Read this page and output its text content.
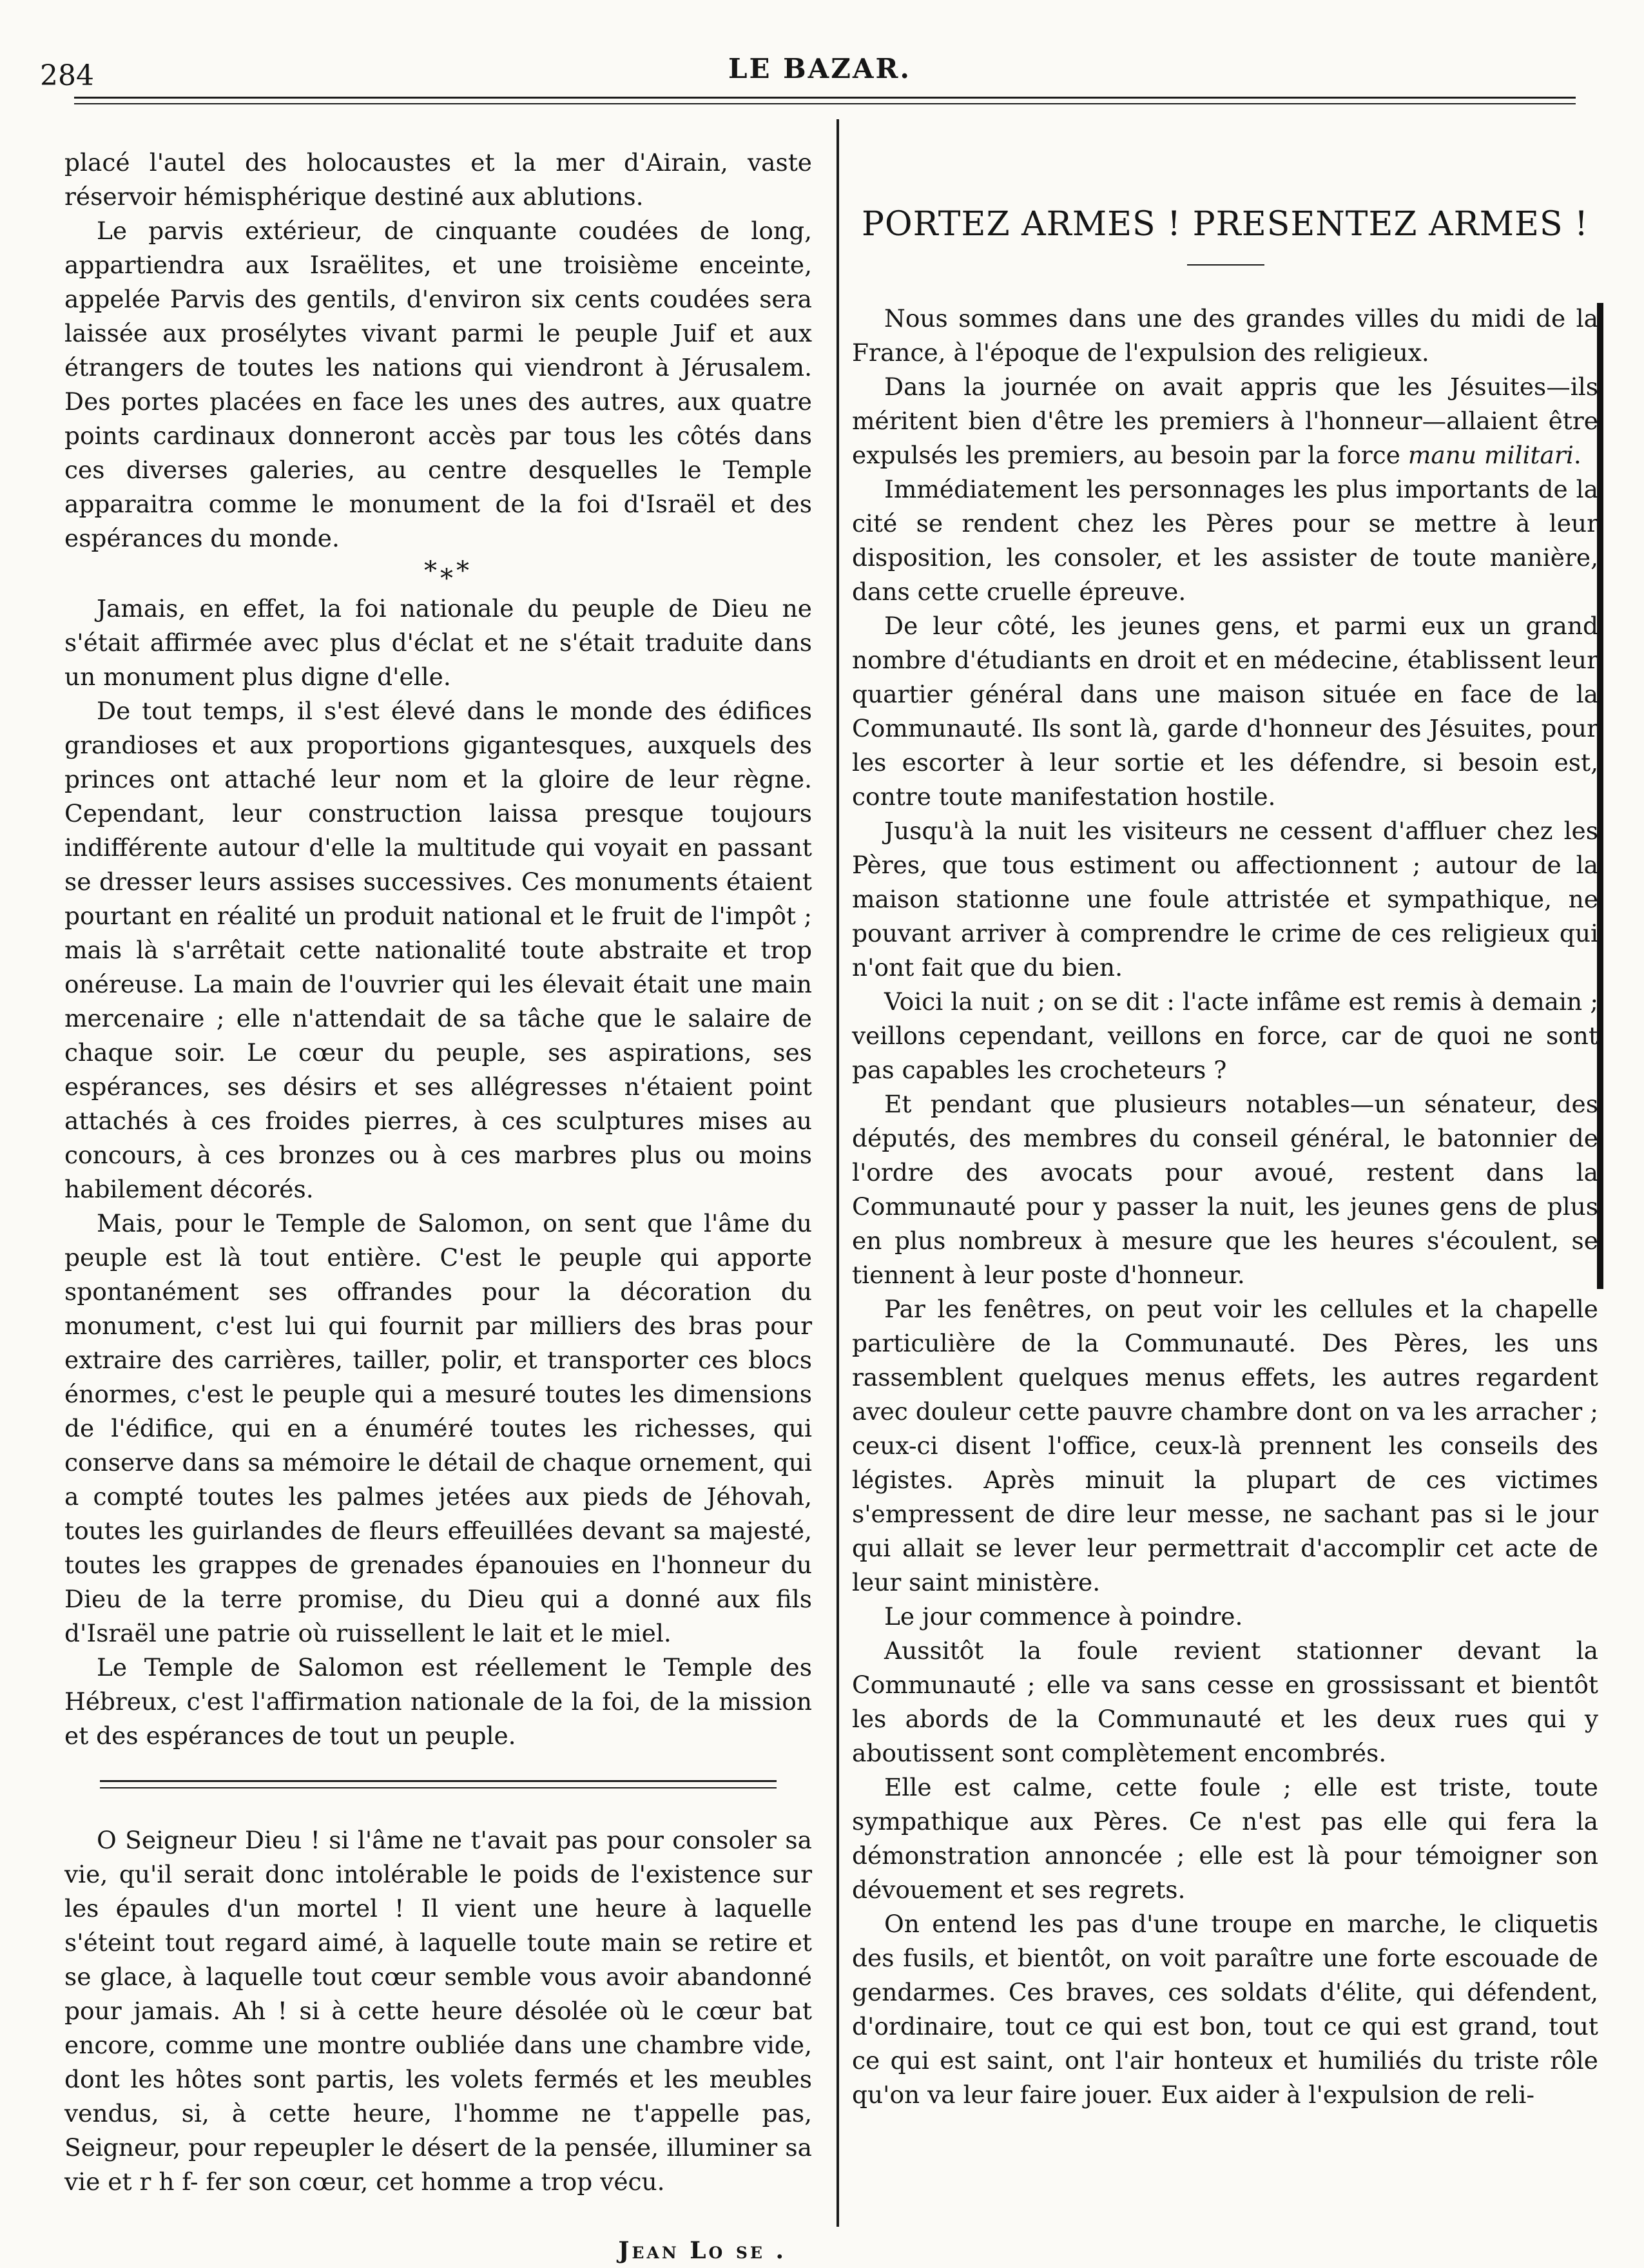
284	LE BAZAR.

placé l'autel des holocaustes et la mer d'Airain, vaste réservoir hémisphérique destiné aux ablutions.

Le parvis extérieur, de cinquante coudées de long, appartiendra aux Israëlites, et une troisième enceinte, appelée Parvis des gentils, d'environ six cents coudées sera laissée aux prosélytes vivant parmi le peuple Juif et aux étrangers de toutes les nations qui viendront à Jérusalem. Des portes placées en face les unes des autres, aux quatre points cardinaux donneront accès par tous les côtés dans ces diverses galeries, au centre desquelles le Temple apparaitra comme le monument de la foi d'Israël et des espérances du monde.

* * *

Jamais, en effet, la foi nationale du peuple de Dieu ne s'était affirmée avec plus d'éclat et ne s'était traduite dans un monument plus digne d'elle.

De tout temps, il s'est élevé dans le monde des édifices grandioses et aux proportions gigantesques, auxquels des princes ont attaché leur nom et la gloire de leur règne. Cependant, leur construction laissa presque toujours indifférente autour d'elle la multitude qui voyait en passant se dresser leurs assises successives. Ces monuments étaient pourtant en réalité un produit national et le fruit de l'impôt ; mais là s'arrêtait cette nationalité toute abstraite et trop onéreuse. La main de l'ouvrier qui les élevait était une main mercenaire ; elle n'attendait de sa tâche que le salaire de chaque soir. Le cœur du peuple, ses aspirations, ses espérances, ses désirs et ses allégresses n'étaient point attachés à ces froides pierres, à ces sculptures mises au concours, à ces bronzes ou à ces marbres plus ou moins habilement décorés.

Mais, pour le Temple de Salomon, on sent que l'âme du peuple est là tout entière. C'est le peuple qui apporte spontanément ses offrandes pour la décoration du monument, c'est lui qui fournit par milliers des bras pour extraire des carrières, tailler, polir, et transporter ces blocs énormes, c'est le peuple qui a mesuré toutes les dimensions de l'édifice, qui en a énuméré toutes les richesses, qui conserve dans sa mémoire le détail de chaque ornement, qui a compté toutes les palmes jetées aux pieds de Jéhovah, toutes les guirlandes de fleurs effeuillées devant sa majesté, toutes les grappes de grenades épanouies en l'honneur du Dieu de la terre promise, du Dieu qui a donné aux fils d'Israël une patrie où ruissellent le lait et le miel.

Le Temple de Salomon est réellement le Temple des Hébreux, c'est l'affirmation nationale de la foi, de la mission et des espérances de tout un peuple.

O Seigneur Dieu ! si l'âme ne t'avait pas pour consoler sa vie, qu'il serait donc intolérable le poids de l'existence sur les épaules d'un mortel ! Il vient une heure à laquelle s'éteint tout regard aimé, à laquelle toute main se retire et se glace, à laquelle tout cœur semble vous avoir abandonné pour jamais. Ah ! si à cette heure désolée où le cœur bat encore, comme une montre oubliée dans une chambre vide, dont les hôtes sont partis, les volets fermés et les meubles vendus, si, à cette heure, l'homme ne t'appelle pas, Seigneur, pour repeupler le désert de la pensée, illuminer sa vie et r h f- fer son cœur, cet homme a trop vécu.

Jean Lo se .
PORTEZ ARMES ! PRESENTEZ ARMES !

Nous sommes dans une des grandes villes du midi de la France, à l'époque de l'expulsion des religieux.

Dans la journée on avait appris que les Jésuites—ils méritent bien d'être les premiers à l'honneur—allaient être expulsés les premiers, au besoin par la force manu militari.

Immédiatement les personnages les plus importants de la cité se rendent chez les Pères pour se mettre à leur disposition, les consoler, et les assister de toute manière, dans cette cruelle épreuve.

De leur côté, les jeunes gens, et parmi eux un grand nombre d'étudiants en droit et en médecine, établissent leur quartier général dans une maison située en face de la Communauté. Ils sont là, garde d'honneur des Jésuites, pour les escorter à leur sortie et les défendre, si besoin est, contre toute manifestation hostile.

Jusqu'à la nuit les visiteurs ne cessent d'affluer chez les Pères, que tous estiment ou affectionnent ; autour de la maison stationne une foule attristée et sympathique, ne pouvant arriver à comprendre le crime de ces religieux qui n'ont fait que du bien.

Voici la nuit ; on se dit : l'acte infâme est remis à demain ; veillons cependant, veillons en force, car de quoi ne sont pas capables les crocheteurs ?

Et pendant que plusieurs notables—un sénateur, des députés, des membres du conseil général, le batonnier de l'ordre des avocats pour avoué, restent dans la Communauté pour y passer la nuit, les jeunes gens de plus en plus nombreux à mesure que les heures s'écoulent, se tiennent à leur poste d'honneur.

Par les fenêtres, on peut voir les cellules et la chapelle particulière de la Communauté. Des Pères, les uns rassemblent quelques menus effets, les autres regardent avec douleur cette pauvre chambre dont on va les arracher ; ceux-ci disent l'office, ceux-là prennent les conseils des légistes. Après minuit la plupart de ces victimes s'empressent de dire leur messe, ne sachant pas si le jour qui allait se lever leur permettrait d'accomplir cet acte de leur saint ministère.

Le jour commence à poindre.

Aussitôt la foule revient stationner devant la Communauté ; elle va sans cesse en grossissant et bientôt les abords de la Communauté et les deux rues qui y aboutissent sont complètement encombrés.

Elle est calme, cette foule ; elle est triste, toute sympathique aux Pères. Ce n'est pas elle qui fera la démonstration annoncée ; elle est là pour témoigner son dévouement et ses regrets.

On entend les pas d'une troupe en marche, le cliquetis des fusils, et bientôt, on voit paraître une forte escouade de gendarmes. Ces braves, ces soldats d'élite, qui défendent, d'ordinaire, tout ce qui est bon, tout ce qui est grand, tout ce qui est saint, ont l'air honteux et humiliés du triste rôle qu'on va leur faire jouer. Eux aider à l'expulsion de reli-
